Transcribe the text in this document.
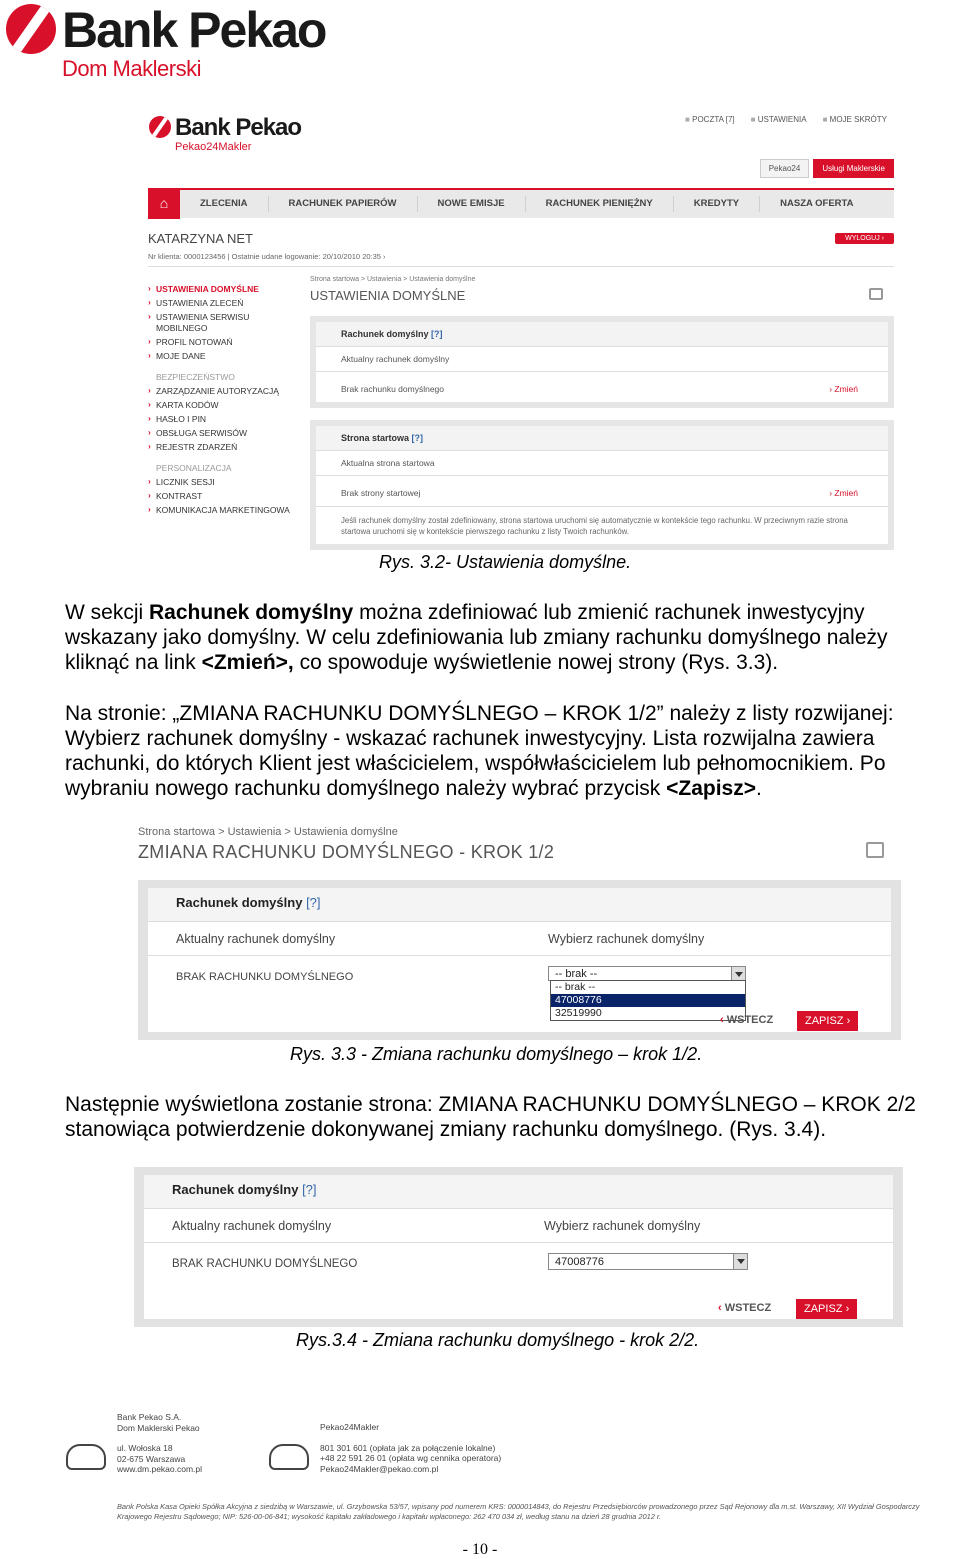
Bank Pekao
Dom Maklerski
Bank Pekao
Pekao24Makler
■ POCZTA [7]	■ USTAWIENIA	■ MOJE SKRÓTY
Pekao24	Usługi Maklerskie
⌂	ZLECENIA	RACHUNEK PAPIERÓW	NOWE EMISJE	RACHUNEK PIENIĘŻNY	KREDYTY	NASZA OFERTA
KATARZYNA NET	WYLOGUJ ›
Nr klienta: 0000123456 | Ostatnie udane logowanie: 20/10/2010 20:35 ›
› USTAWIENIA DOMYŚLNE
› USTAWIENIA ZLECEŃ
› USTAWIENIA SERWISU MOBILNEGO
› PROFIL NOTOWAŃ
› MOJE DANE
BEZPIECZEŃSTWO
› ZARZĄDZANIE AUTORYZACJĄ
› KARTA KODÓW
› HASŁO I PIN
› OBSŁUGA SERWISÓW
› REJESTR ZDARZEŃ
PERSONALIZACJA
› LICZNIK SESJI
› KONTRAST
› KOMUNIKACJA MARKETINGOWA
Strona startowa > Ustawienia > Ustawienia domyślne
USTAWIENIA DOMYŚLNE
Rachunek domyślny [?]
Aktualny rachunek domyślny
Brak rachunku domyślnego	› Zmień
Strona startowa [?]
Aktualna strona startowa
Brak strony startowej	› Zmień
Jeśli rachunek domyślny został zdefiniowany, strona startowa uruchomi się automatycznie w kontekście tego rachunku. W przeciwnym razie strona startowa uruchomi się w kontekście pierwszego rachunku z listy Twoich rachunków.
Rys. 3.2- Ustawienia domyślne.
W sekcji Rachunek domyślny można zdefiniować lub zmienić rachunek inwestycyjny wskazany jako domyślny. W celu zdefiniowania lub zmiany rachunku domyślnego należy kliknąć na link <Zmień>, co spowoduje wyświetlenie nowej strony (Rys. 3.3).
Na stronie: „ZMIANA RACHUNKU DOMYŚLNEGO – KROK 1/2” należy z listy rozwijanej: Wybierz rachunek domyślny - wskazać rachunek inwestycyjny. Lista rozwijalna zawiera rachunki, do których Klient jest właścicielem, współwłaścicielem lub pełnomocnikiem. Po wybraniu nowego rachunku domyślnego należy wybrać przycisk <Zapisz>.
Strona startowa > Ustawienia > Ustawienia domyślne
ZMIANA RACHUNKU DOMYŚLNEGO - KROK 1/2
Rachunek domyślny [?]
Aktualny rachunek domyślny	Wybierz rachunek domyślny
BRAK RACHUNKU DOMYŚLNEGO	-- brak --
-- brak --
47008776
32519990
‹ WSTECZ	ZAPISZ ›
Rys. 3.3 - Zmiana rachunku domyślnego – krok 1/2.
Następnie wyświetlona zostanie strona: ZMIANA RACHUNKU DOMYŚLNEGO – KROK 2/2 stanowiąca potwierdzenie dokonywanej zmiany rachunku domyślnego. (Rys. 3.4).
Rachunek domyślny [?]
Aktualny rachunek domyślny	Wybierz rachunek domyślny
BRAK RACHUNKU DOMYŚLNEGO	47008776
‹ WSTECZ	ZAPISZ ›
Rys.3.4 - Zmiana rachunku domyślnego - krok 2/2.
Bank Pekao S.A.
Dom Maklerski Pekao
ul. Wołoska 18
02-675 Warszawa
www.dm.pekao.com.pl
Pekao24Makler
801 301 601 (opłata jak za połączenie lokalne)
+48 22 591 26 01 (opłata wg cennika operatora)
Pekao24Makler@pekao.com.pl
Bank Polska Kasa Opieki Spółka Akcyjna z siedzibą w Warszawie, ul. Grzybowska 53/57, wpisany pod numerem KRS: 0000014843, do Rejestru Przedsiębiorców prowadzonego przez Sąd Rejonowy dla m.st. Warszawy, XII Wydział Gospodarczy Krajowego Rejestru Sądowego; NIP: 526-00-06-841; wysokość kapitału zakładowego i kapitału wpłaconego: 262 470 034 zł, według stanu na dzień 28 grudnia 2012 r.
- 10 -
